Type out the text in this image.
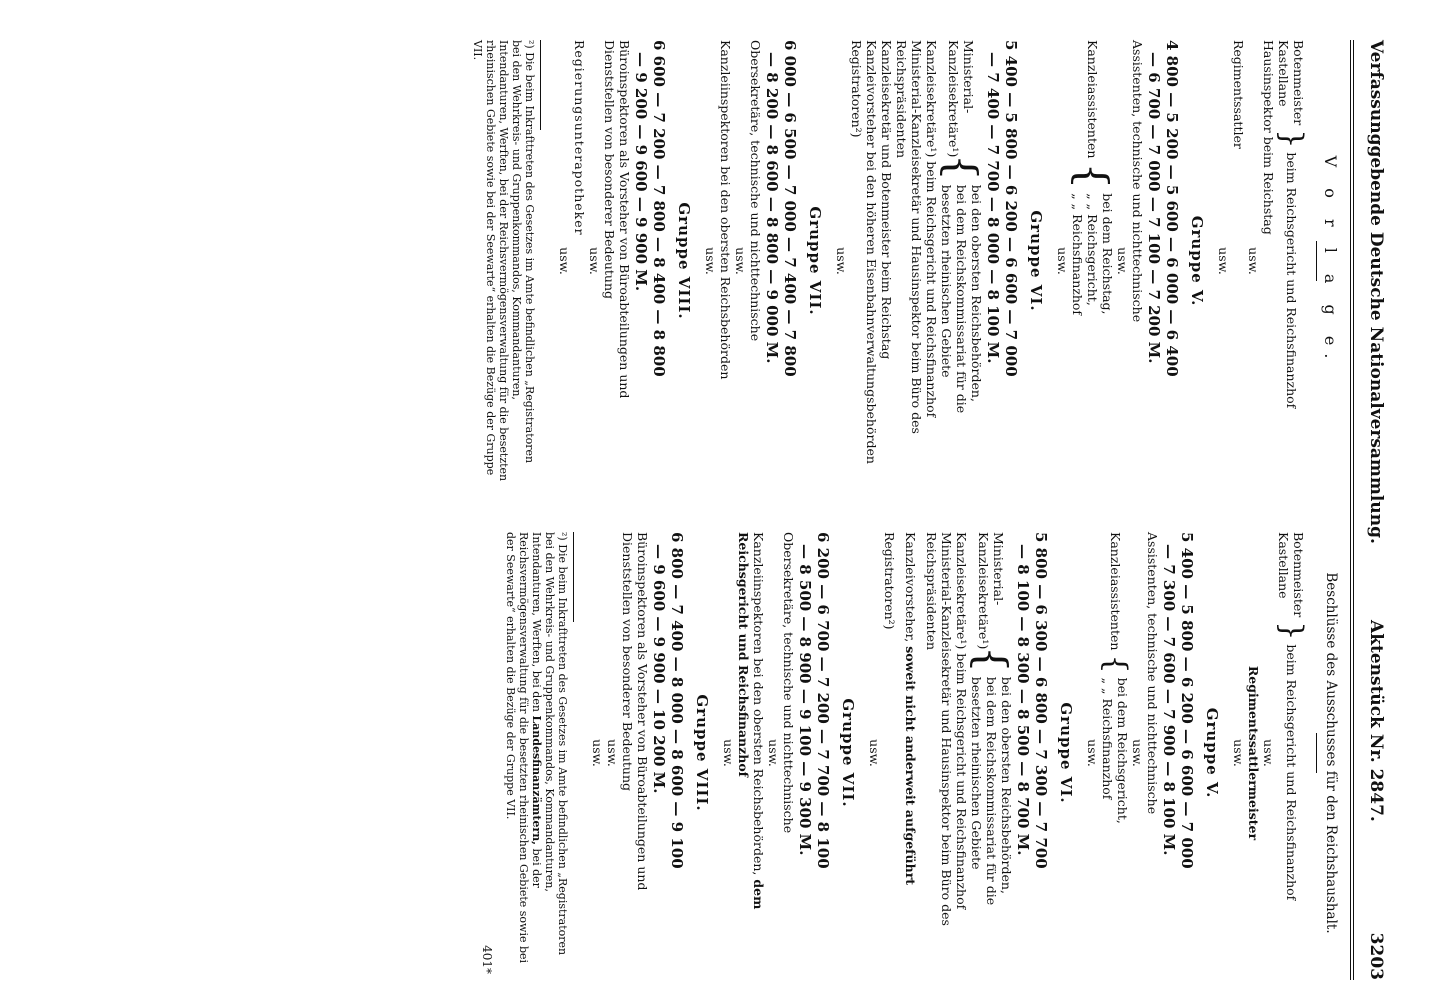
Verfassunggebende Deutsche Nationalversammlung.
Aktenstück Nr. 2847.
3203
V o r l a g e.
Botenmeister
Kastellane
}
beim Reichsgericht und Reichsfinanzhof
Hausinspektor beim Reichstag
usw.
Regimentssattler
usw.
Gruppe V.
4 800 — 5 200 — 5 600 — 6 000 — 6 400
— 6 700 — 7 000 — 7 100 — 7 200 M.
Assistenten, technische und nichttechnische
usw.
Kanzleiassistenten
{
bei dem Reichstag,
„ „ Reichsgericht,
„ „ Reichsfinanzhof
usw.
Gruppe VI.
5 400 — 5 800 — 6 200 — 6 600 — 7 000
— 7 400 — 7 700 — 8 000 — 8 100 M.
Ministerial-Kanzleisekretäre¹)
{
bei den obersten Reichsbehörden,
bei dem Reichskommissariat für die
besetzten rheinischen Gebiete
Kanzleisekretäre¹) beim Reichsgericht und Reichsfinanzhof
Ministerial-Kanzleisekretär und Hausinspektor beim Büro des Reichspräsidenten
Kanzleisekretär und Botenmeister beim Reichstag
Kanzleivorsteher bei den höheren Eisenbahnverwaltungsbehörden
Registratoren²)
usw.
Gruppe VII.
6 000 — 6 500 — 7 000 — 7 400 — 7 800
— 8 200 — 8 600 — 8 800 — 9 000 M.
Obersekretäre, technische und nichttechnische
usw.
Kanzleiinspektoren bei den obersten Reichsbehörden
usw.
Gruppe VIII.
6 600 — 7 200 — 7 800 — 8 400 — 8 800
— 9 200 — 9 600 — 9 900 M.
Büroinspektoren als Vorsteher von Büroabteilungen und Dienststellen von besonderer Bedeutung
usw.
Regierungsunterapotheker
usw.
²) Die beim Inkrafttreten des Gesetzes im Amte befindlichen „Registratoren bei den Wehrkreis- und Gruppenkommandos, Kommandanturen, Intendanturen, Werften, bei der Reichsvermögensverwaltung für die besetzten rheinischen Gebiete sowie bei der Seewarte“ erhalten die Bezüge der Gruppe VII.
Beschlüsse des Ausschusses für den Reichshaushalt.
Botenmeister
Kastellane
}
beim Reichsgericht und Reichsfinanzhof
usw.
Regimentssattlermeister
usw.
Gruppe V.
5 400 — 5 800 — 6 200 — 6 600 — 7 000
— 7 300 — 7 600 — 7 900 — 8 100 M.
Assistenten, technische und nichttechnische
usw.
Kanzleiassistenten
{
bei dem Reichsgericht,
„ „ Reichsfinanzhof
usw.
Gruppe VI.
5 800 — 6 300 — 6 800 — 7 300 — 7 700
— 8 100 — 8 300 — 8 500 — 8 700 M.
Ministerial-Kanzleisekretäre¹)
{
bei den obersten Reichsbehörden,
bei dem Reichskommissariat für die
besetzten rheinischen Gebiete
Kanzleisekretäre¹) beim Reichsgericht und Reichsfinanzhof
Ministerial-Kanzleisekretär und Hausinspektor beim Büro des Reichspräsidenten
Kanzleivorsteher, soweit nicht anderweit aufgeführt
Registratoren²)
usw.
Gruppe VII.
6 200 — 6 700 — 7 200 — 7 700 — 8 100
— 8 500 — 8 900 — 9 100 — 9 300 M.
Obersekretäre, technische und nichttechnische
usw.
Kanzleiinspektoren bei den obersten Reichsbehörden, dem Reichsgericht und Reichsfinanzhof
usw.
Gruppe VIII.
6 800 — 7 400 — 8 000 — 8 600 — 9 100
— 9 600 — 9 900 — 10 200 M.
Büroinspektoren als Vorsteher von Büroabteilungen und Dienststellen von besonderer Bedeutung
usw.
usw.
²) Die beim Inkrafttreten des Gesetzes im Amte befindlichen „Registratoren bei den Wehrkreis- und Gruppenkommandos, Kommandanturen, Intendanturen, Werften, bei den Landesfinanzämtern, bei der Reichsvermögensverwaltung für die besetzten rheinischen Gebiete sowie bei der Seewarte“ erhalten die Bezüge der Gruppe VII.
401*
